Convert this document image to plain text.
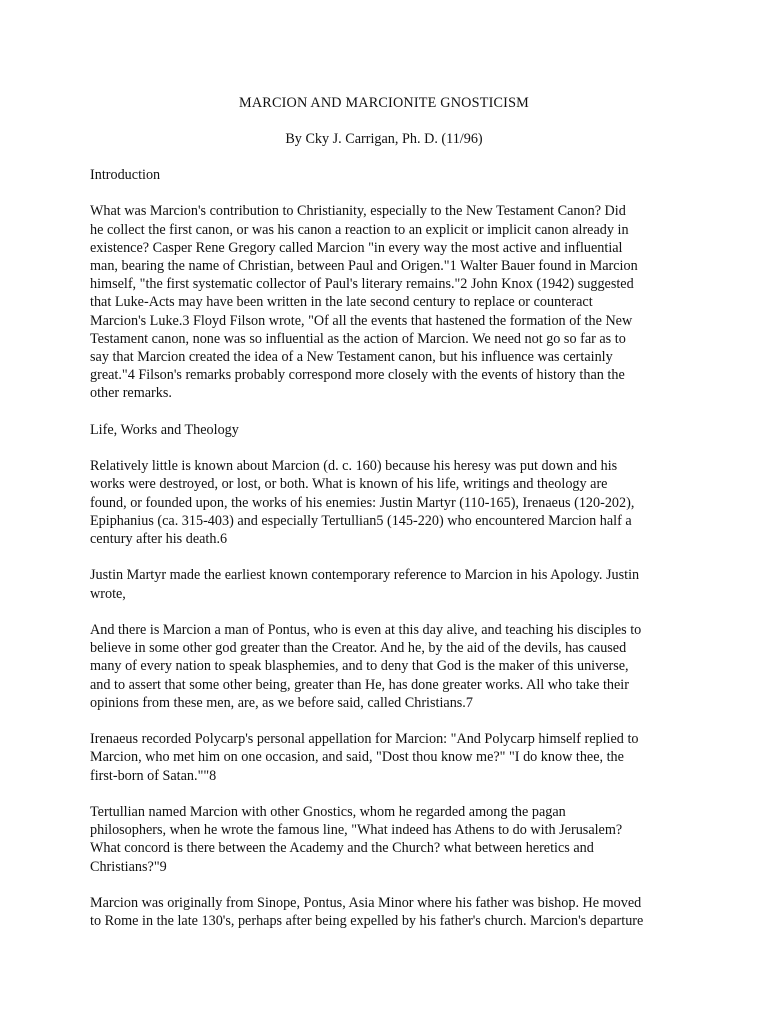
MARCION AND MARCIONITE GNOSTICISM
By Cky J. Carrigan, Ph. D. (11/96)

Introduction

What was Marcion's contribution to Christianity, especially to the New Testament Canon? Did
he collect the first canon, or was his canon a reaction to an explicit or implicit canon already in
existence? Casper Rene Gregory called Marcion "in every way the most active and influential
man, bearing the name of Christian, between Paul and Origen."1 Walter Bauer found in Marcion
himself, "the first systematic collector of Paul's literary remains."2 John Knox (1942) suggested
that Luke-Acts may have been written in the late second century to replace or counteract
Marcion's Luke.3 Floyd Filson wrote, "Of all the events that hastened the formation of the New
Testament canon, none was so influential as the action of Marcion. We need not go so far as to
say that Marcion created the idea of a New Testament canon, but his influence was certainly
great."4 Filson's remarks probably correspond more closely with the events of history than the
other remarks.

Life, Works and Theology

Relatively little is known about Marcion (d. c. 160) because his heresy was put down and his
works were destroyed, or lost, or both. What is known of his life, writings and theology are
found, or founded upon, the works of his enemies: Justin Martyr (110-165), Irenaeus (120-202),
Epiphanius (ca. 315-403) and especially Tertullian5 (145-220) who encountered Marcion half a
century after his death.6

Justin Martyr made the earliest known contemporary reference to Marcion in his Apology. Justin
wrote,

And there is Marcion a man of Pontus, who is even at this day alive, and teaching his disciples to
believe in some other god greater than the Creator. And he, by the aid of the devils, has caused
many of every nation to speak blasphemies, and to deny that God is the maker of this universe,
and to assert that some other being, greater than He, has done greater works. All who take their
opinions from these men, are, as we before said, called Christians.7

Irenaeus recorded Polycarp's personal appellation for Marcion: "And Polycarp himself replied to
Marcion, who met him on one occasion, and said, "Dost thou know me?" "I do know thee, the
first-born of Satan.""8

Tertullian named Marcion with other Gnostics, whom he regarded among the pagan
philosophers, when he wrote the famous line, "What indeed has Athens to do with Jerusalem?
What concord is there between the Academy and the Church? what between heretics and
Christians?"9

Marcion was originally from Sinope, Pontus, Asia Minor where his father was bishop. He moved
to Rome in the late 130's, perhaps after being expelled by his father's church. Marcion's departure
